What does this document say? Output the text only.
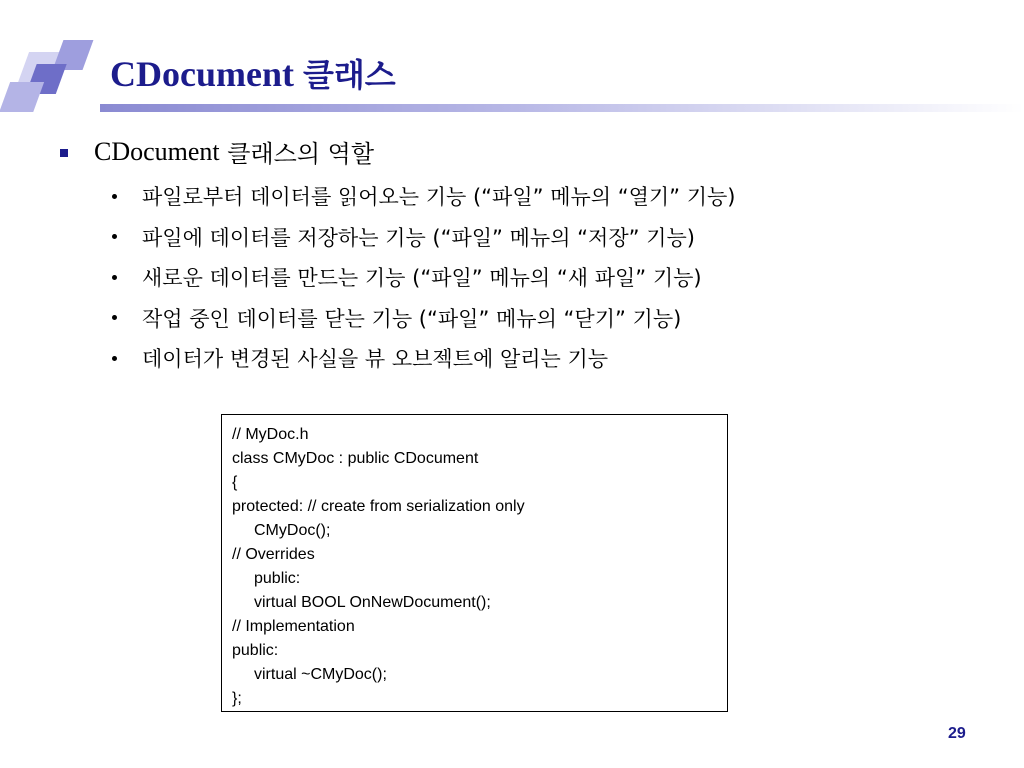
CDocument 클래스
CDocument
클래스의 역할
파일로부터 데이터를 읽어오는 기능 (“파일” 메뉴의 “열기” 기능)
파일에 데이터를 저장하는 기능 (“파일” 메뉴의 “저장” 기능)
새로운 데이터를 만드는 기능 (“파일” 메뉴의 “새 파일” 기능)
작업 중인 데이터를 닫는 기능 (“파일” 메뉴의 “닫기” 기능)
데이터가 변경된 사실을 뷰 오브젝트에 알리는 기능
// MyDoc.h
class CMyDoc : public CDocument
{
protected: // create from serialization only
CMyDoc();
// Overrides
public:
virtual BOOL OnNewDocument();
// Implementation
public:
virtual ~CMyDoc();
};
29
